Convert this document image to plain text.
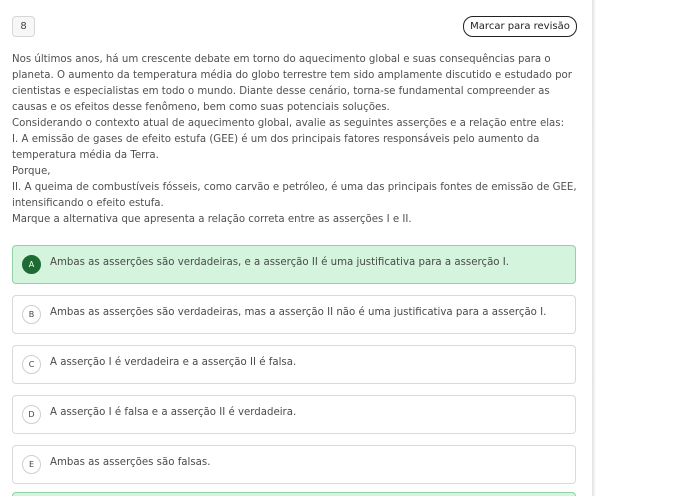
8	Marcar para revisão

Nos últimos anos, há um crescente debate em torno do aquecimento global e suas consequências para o planeta. O aumento da temperatura média do globo terrestre tem sido amplamente discutido e estudado por cientistas e especialistas em todo o mundo. Diante desse cenário, torna-se fundamental compreender as causas e os efeitos desse fenômeno, bem como suas potenciais soluções.

Considerando o contexto atual de aquecimento global, avalie as seguintes asserções e a relação entre elas:

I. A emissão de gases de efeito estufa (GEE) é um dos principais fatores responsáveis pelo aumento da temperatura média da Terra.

Porque,

II. A queima de combustíveis fósseis, como carvão e petróleo, é uma das principais fontes de emissão de GEE, intensificando o efeito estufa.

Marque a alternativa que apresenta a relação correta entre as asserções I e II.

A	Ambas as asserções são verdadeiras, e a asserção II é uma justificativa para a asserção I.
B	Ambas as asserções são verdadeiras, mas a asserção II não é uma justificativa para a asserção I.
C	A asserção I é verdadeira e a asserção II é falsa.
D	A asserção I é falsa e a asserção II é verdadeira.
E	Ambas as asserções são falsas.
